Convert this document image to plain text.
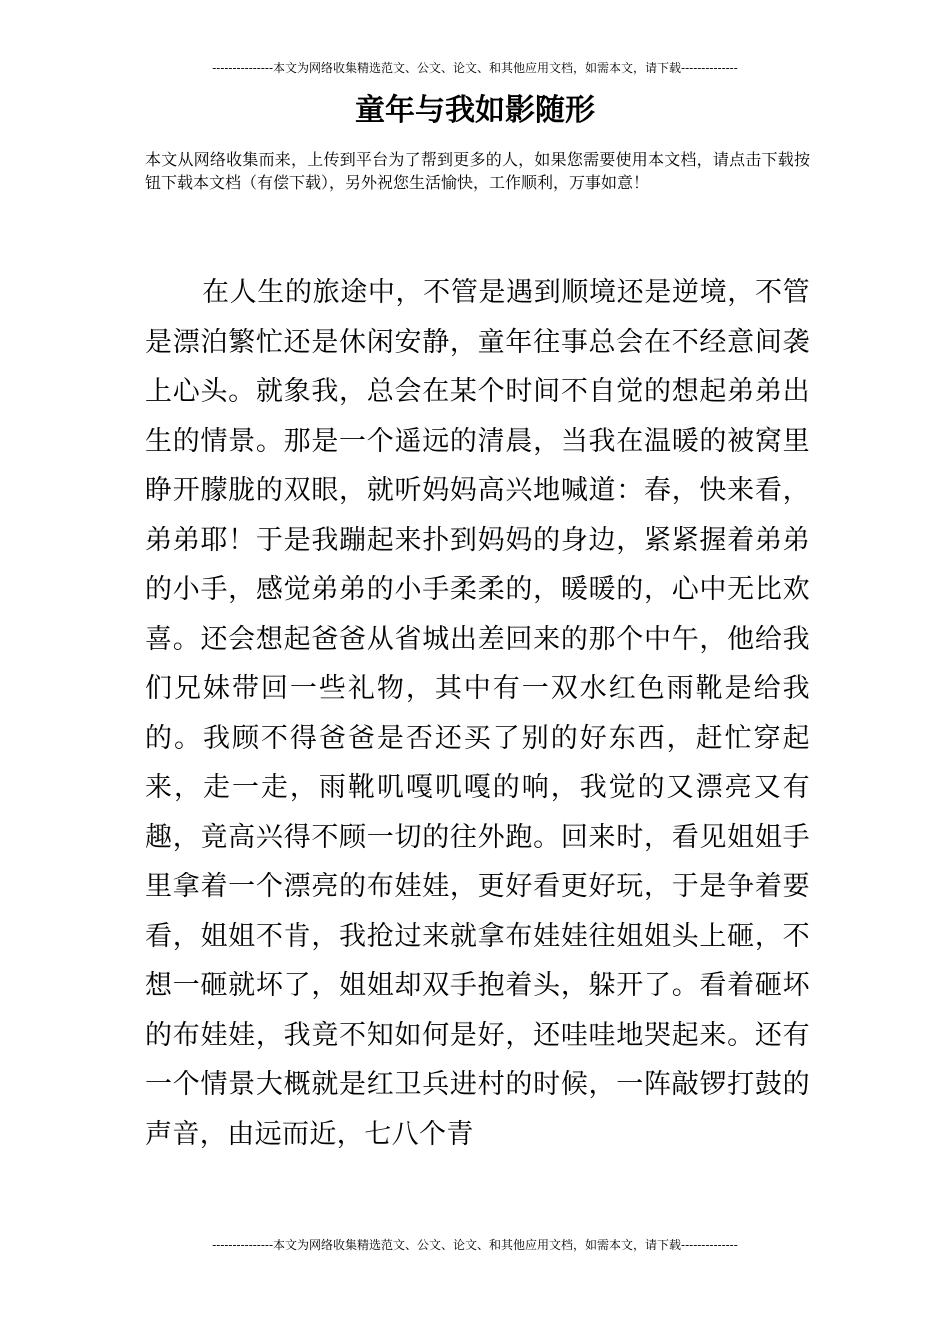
---------------本文为网络收集精选范文、公文、论文、和其他应用文档，如需本文，请下载--------------
童年与我如影随形

本文从网络收集而来，上传到平台为了帮到更多的人，如果您需要使用本文档，请点击下载按钮下载本文档（有偿下载），另外祝您生活愉快，工作顺利，万事如意！

在人生的旅途中，不管是遇到顺境还是逆境，不管是漂泊繁忙还是休闲安静，童年往事总会在不经意间袭上心头。就象我，总会在某个时间不自觉的想起弟弟出生的情景。那是一个遥远的清晨，当我在温暖的被窝里睁开朦胧的双眼，就听妈妈高兴地喊道：春，快来看，弟弟耶！于是我蹦起来扑到妈妈的身边，紧紧握着弟弟的小手，感觉弟弟的小手柔柔的，暖暖的，心中无比欢喜。还会想起爸爸从省城出差回来的那个中午，他给我们兄妹带回一些礼物，其中有一双水红色雨靴是给我的。我顾不得爸爸是否还买了别的好东西，赶忙穿起来，走一走，雨靴叽嘎叽嘎的响，我觉的又漂亮又有趣，竟高兴得不顾一切的往外跑。回来时，看见姐姐手里拿着一个漂亮的布娃娃，更好看更好玩，于是争着要看，姐姐不肯，我抢过来就拿布娃娃往姐姐头上砸，不想一砸就坏了，姐姐却双手抱着头，躲开了。看着砸坏的布娃娃，我竟不知如何是好，还哇哇地哭起来。还有一个情景大概就是红卫兵进村的时候，一阵敲锣打鼓的声音，由远而近，七八个青

---------------本文为网络收集精选范文、公文、论文、和其他应用文档，如需本文，请下载--------------
